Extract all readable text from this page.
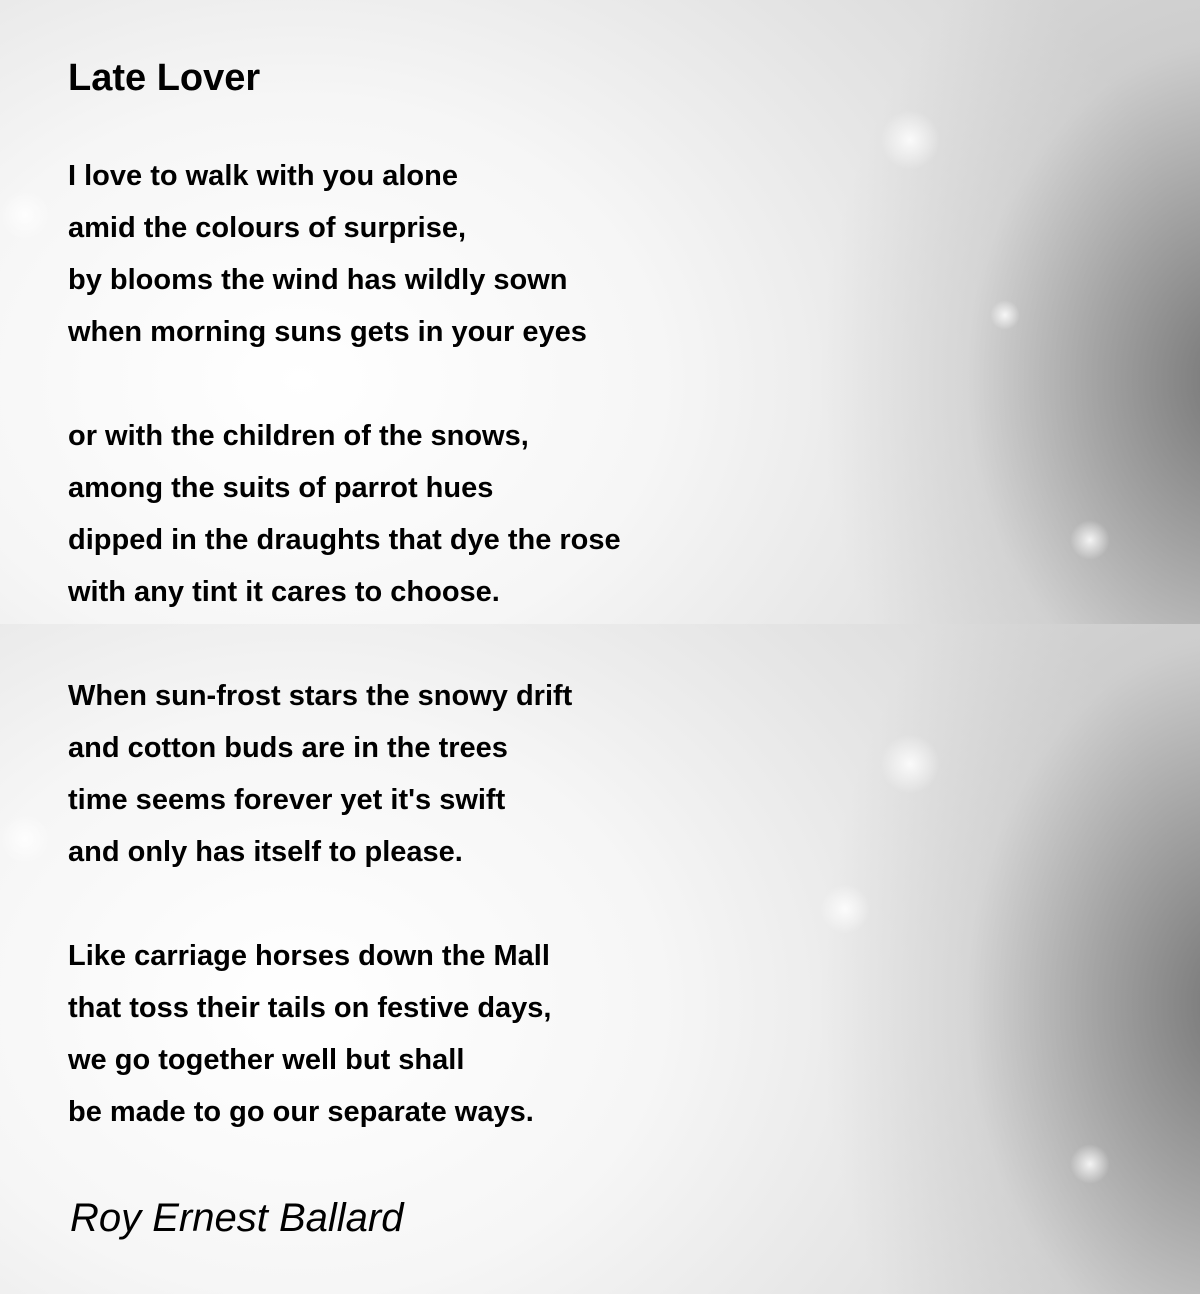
Late Lover
I love to walk with you alone
amid the colours of surprise,
by blooms the wind has wildly sown
when morning suns gets in your eyes
or with the children of the snows,
among the suits of parrot hues
dipped in the draughts that dye the rose
with any tint it cares to choose.
When sun-frost stars the snowy drift
and cotton buds are in the trees
time seems forever yet it's swift
and only has itself to please.
Like carriage horses down the Mall
that toss their tails on festive days,
we go together well but shall
be made to go our separate ways.

Roy Ernest Ballard
